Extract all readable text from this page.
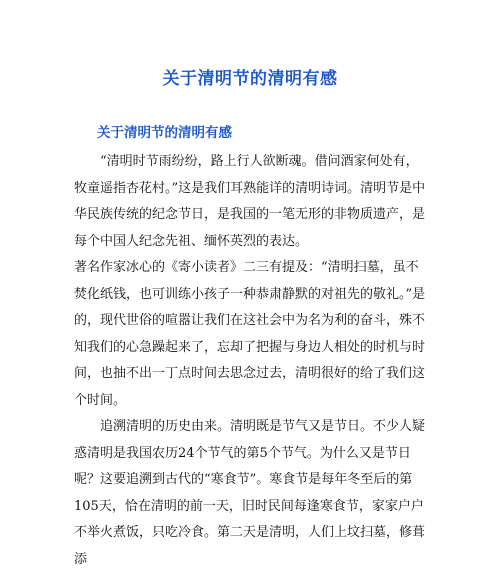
关于清明节的清明有感
关于清明节的清明有感

“清明时节雨纷纷，路上行人欲断魂。借问酒家何处有，牧童遥指杏花村。”这是我们耳熟能详的清明诗词。清明节是中华民族传统的纪念节日，是我国的一笔无形的非物质遗产，是每个中国人纪念先祖、缅怀英烈的表达。

著名作家冰心的《寄小读者》二三有提及：“清明扫墓，虽不焚化纸钱，也可训练小孩子一种恭肃静默的对祖先的敬礼。”是的，现代世俗的喧嚣让我们在这社会中为名为利的奋斗，殊不知我们的心急躁起来了，忘却了把握与身边人相处的时机与时间，也抽不出一丁点时间去思念过去，清明很好的给了我们这个时间。

追溯清明的历史由来。清明既是节气又是节日。不少人疑惑清明是我国农历24个节气的第5个节气。为什么又是节日呢？这要追溯到古代的“寒食节”。寒食节是每年冬至后的第105天，恰在清明的前一天，旧时民间每逢寒食节，家家户户不举火煮饭，只吃冷食。第二天是清明，人们上坟扫墓，修葺添
